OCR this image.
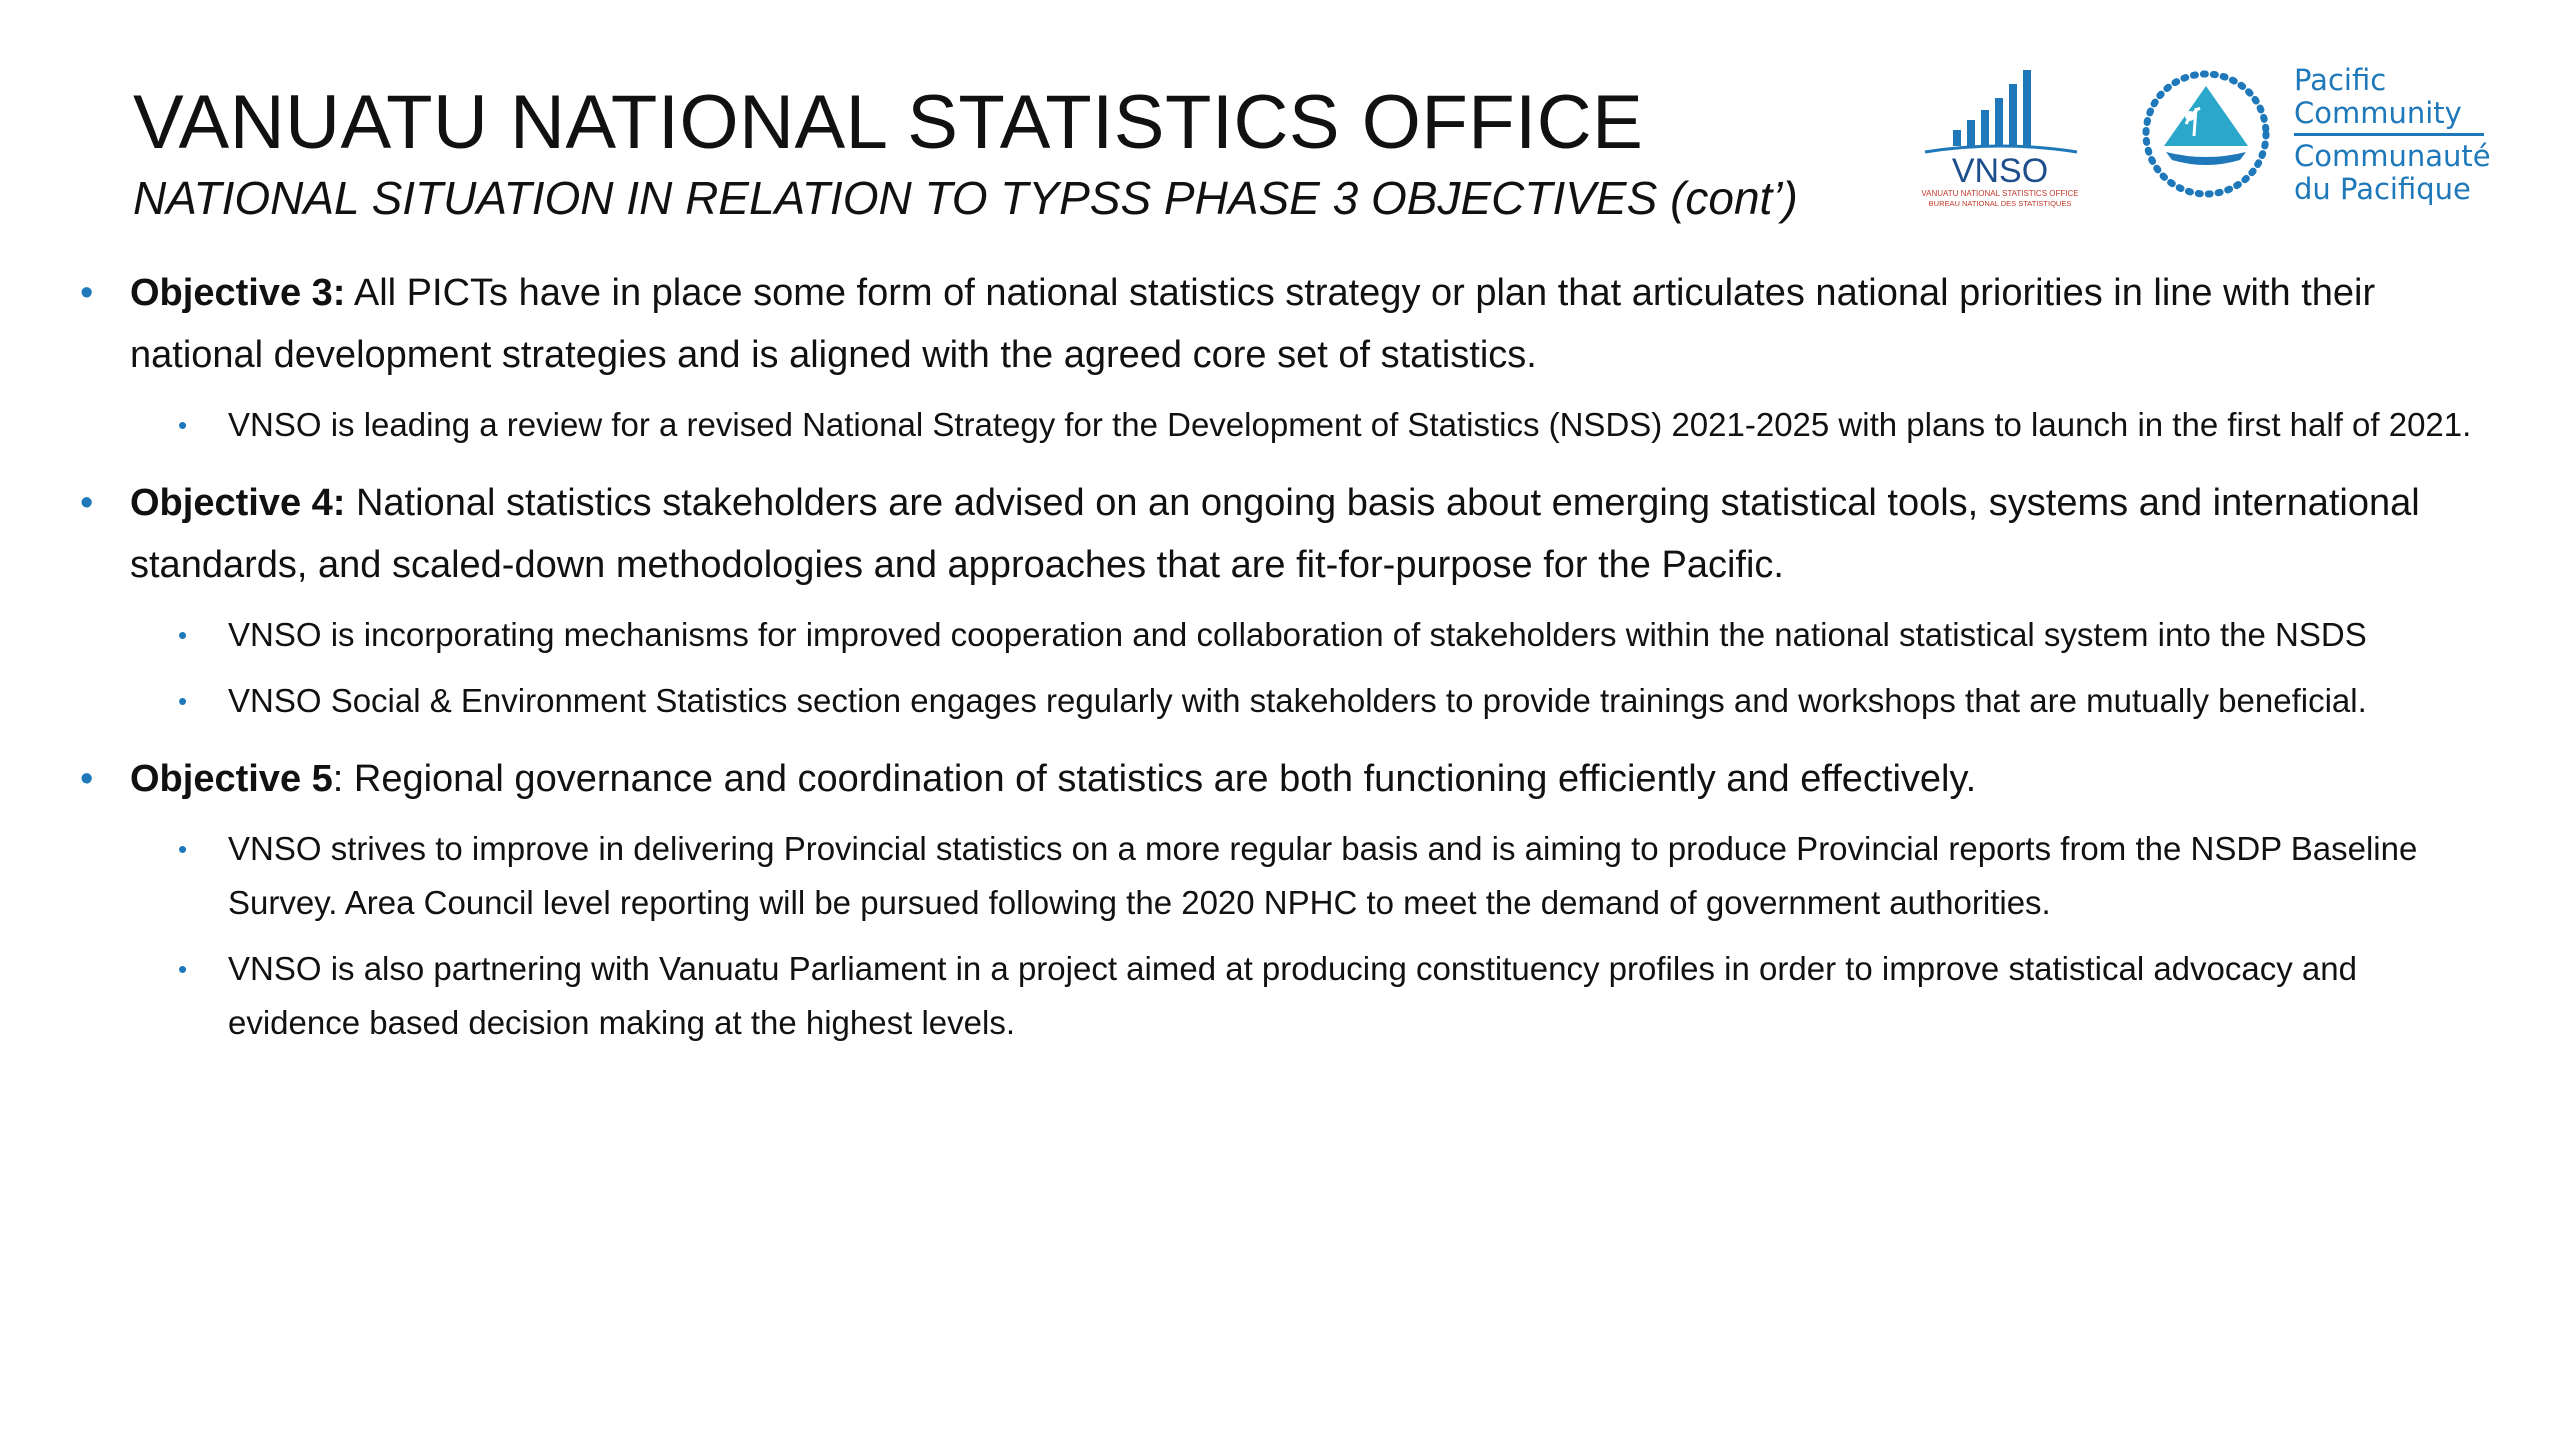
VANUATU NATIONAL STATISTICS OFFICE
NATIONAL SITUATION IN RELATION TO TYPSS PHASE 3 OBJECTIVES (cont’)
VNSO
VANUATU NATIONAL STATISTICS OFFICE
BUREAU NATIONAL DES STATISTIQUES
Pacific
Community
Communauté
du Pacifique

• Objective 3: All PICTs have in place some form of national statistics strategy or plan that articulates national priorities in line with their national development strategies and is aligned with the agreed core set of statistics.

• VNSO is leading a review for a revised National Strategy for the Development of Statistics (NSDS) 2021-2025 with plans to launch in the first half of 2021.

• Objective 4: National statistics stakeholders are advised on an ongoing basis about emerging statistical tools, systems and international standards, and scaled-down methodologies and approaches that are fit-for-purpose for the Pacific.

• VNSO is incorporating mechanisms for improved cooperation and collaboration of stakeholders within the national statistical system into the NSDS
• VNSO Social & Environment Statistics section engages regularly with stakeholders to provide trainings and workshops that are mutually beneficial.

• Objective 5: Regional governance and coordination of statistics are both functioning efficiently and effectively.

• VNSO strives to improve in delivering Provincial statistics on a more regular basis and is aiming to produce Provincial reports from the NSDP Baseline Survey. Area Council level reporting will be pursued following the 2020 NPHC to meet the demand of government authorities.
• VNSO is also partnering with Vanuatu Parliament in a project aimed at producing constituency profiles in order to improve statistical advocacy and evidence based decision making at the highest levels.
